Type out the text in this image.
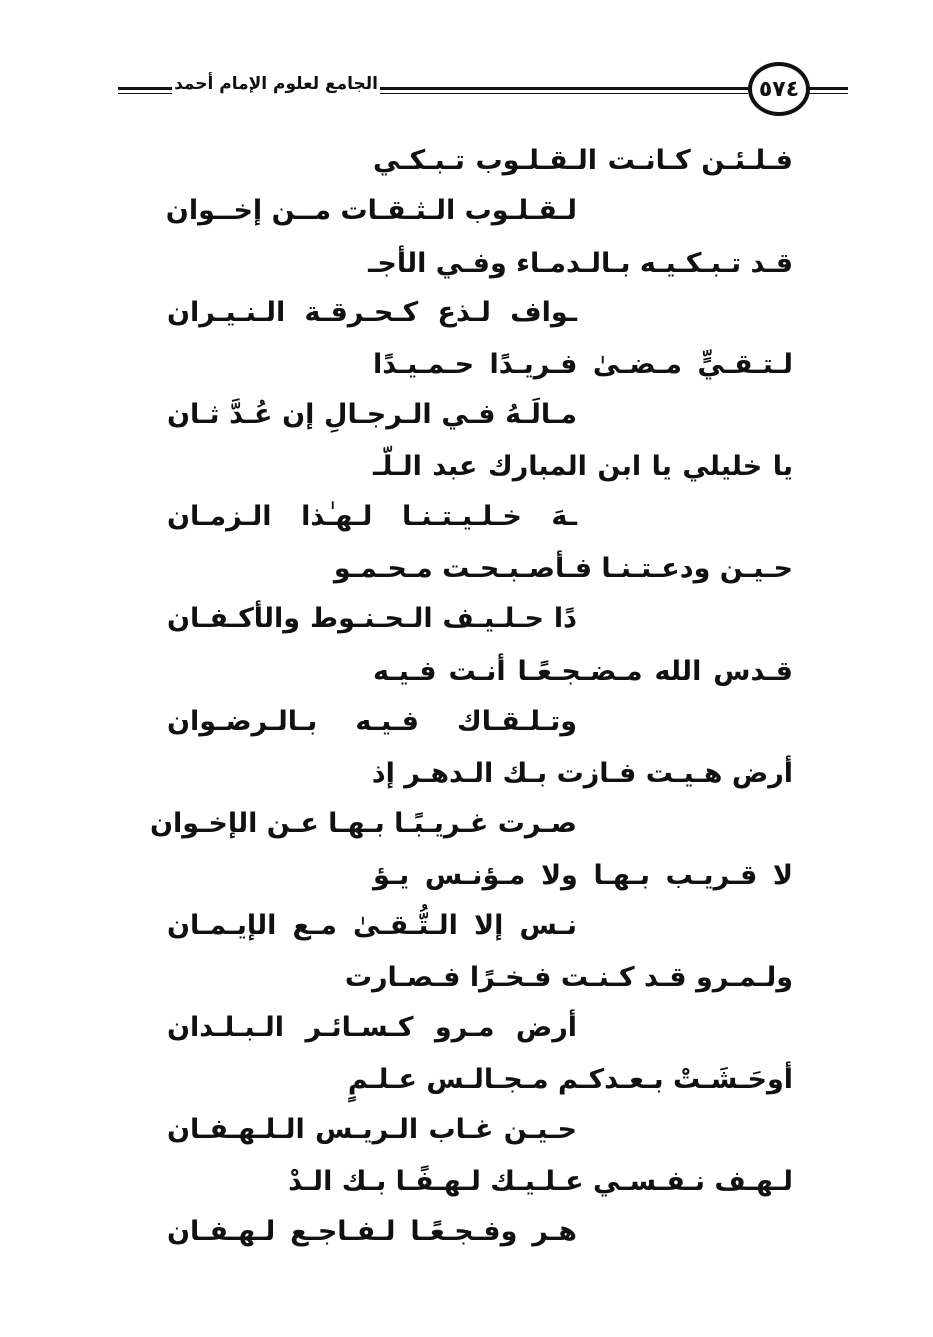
الجامع لعلوم الإمام أحمد	٥٧٤
فـلـئـن كـانـت الـقـلـوب تـبـكـي
لـقـلـوب الـثـقـات مــن إخــوان
قـد تـبـكـيـه بـالـدمـاء وفـي الأجـ
ـواف لـذع كـحـرقـة الـنـيـران
لـتـقـيٍّ مـضـىٰ فـريـدًا حـمـيـدًا
مـالَـهُ فـي الـرجـالِ إن عُـدَّ ثـان
يا خليلي يا ابن المبارك عبد الـلّـ
ـهَ خـلـيـتـنـا لـهـٰذا الـزمـان
حـيـن ودعـتـنـا فـأصـبـحـت مـحـمـو
دًا حـلـيـف الـحـنـوط والأكـفـان
قـدس الله مـضـجـعًـا أنـت فـيـه
وتـلـقـاك فـيـه بـالـرضـوان
أرض هـيـت فـازت بـك الـدهـر إذ
صـرت غـريـبًـا بـهـا عـن الإخـوان
لا قـريـب بـهـا ولا مـؤنـس يـؤ
نـس إلا الـتُّـقـىٰ مـع الإيـمـان
ولـمـرو قـد كـنـت فـخـرًا فـصـارت
أرض مـرو كـسـائـر الـبـلـدان
أوحَـشَـتْ بـعـدكـم مـجـالـس عـلـمٍ
حـيـن غـاب الـريـس الـلـهـفـان
لـهـف نـفـسـي عـلـيـك لـهـفًـا بـك الـدْ
هـر وفـجـعًـا لـفـاجـع لـهـفـان
